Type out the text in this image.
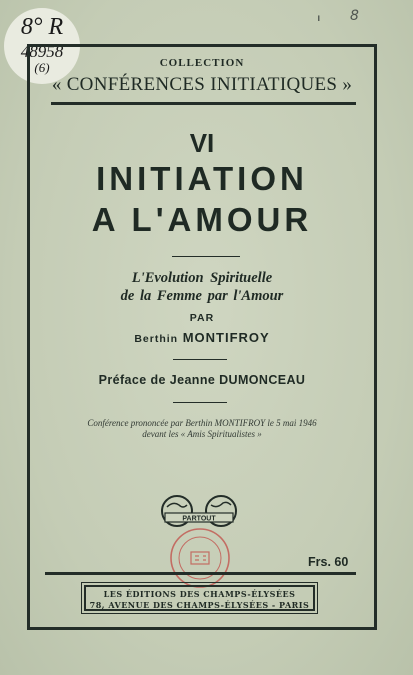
8° R
48958
(6)
ˈ 8
COLLECTION
« CONFÉRENCES INITIATIQUES »
VI
INITIATION
A L'AMOUR
L'Evolution Spirituelle
de la Femme par l'Amour
PAR
Berthin MONTIFROY
Préface de Jeanne DUMONCEAU
Conférence prononcée par Berthin MONTIFROY le 5 mai 1946
devant les « Amis Spiritualistes »
PARTOUT
Frs. 60
LES ÉDITIONS DES CHAMPS-ÉLYSÉES
78, AVENUE DES CHAMPS-ÉLYSÉES - PARIS
